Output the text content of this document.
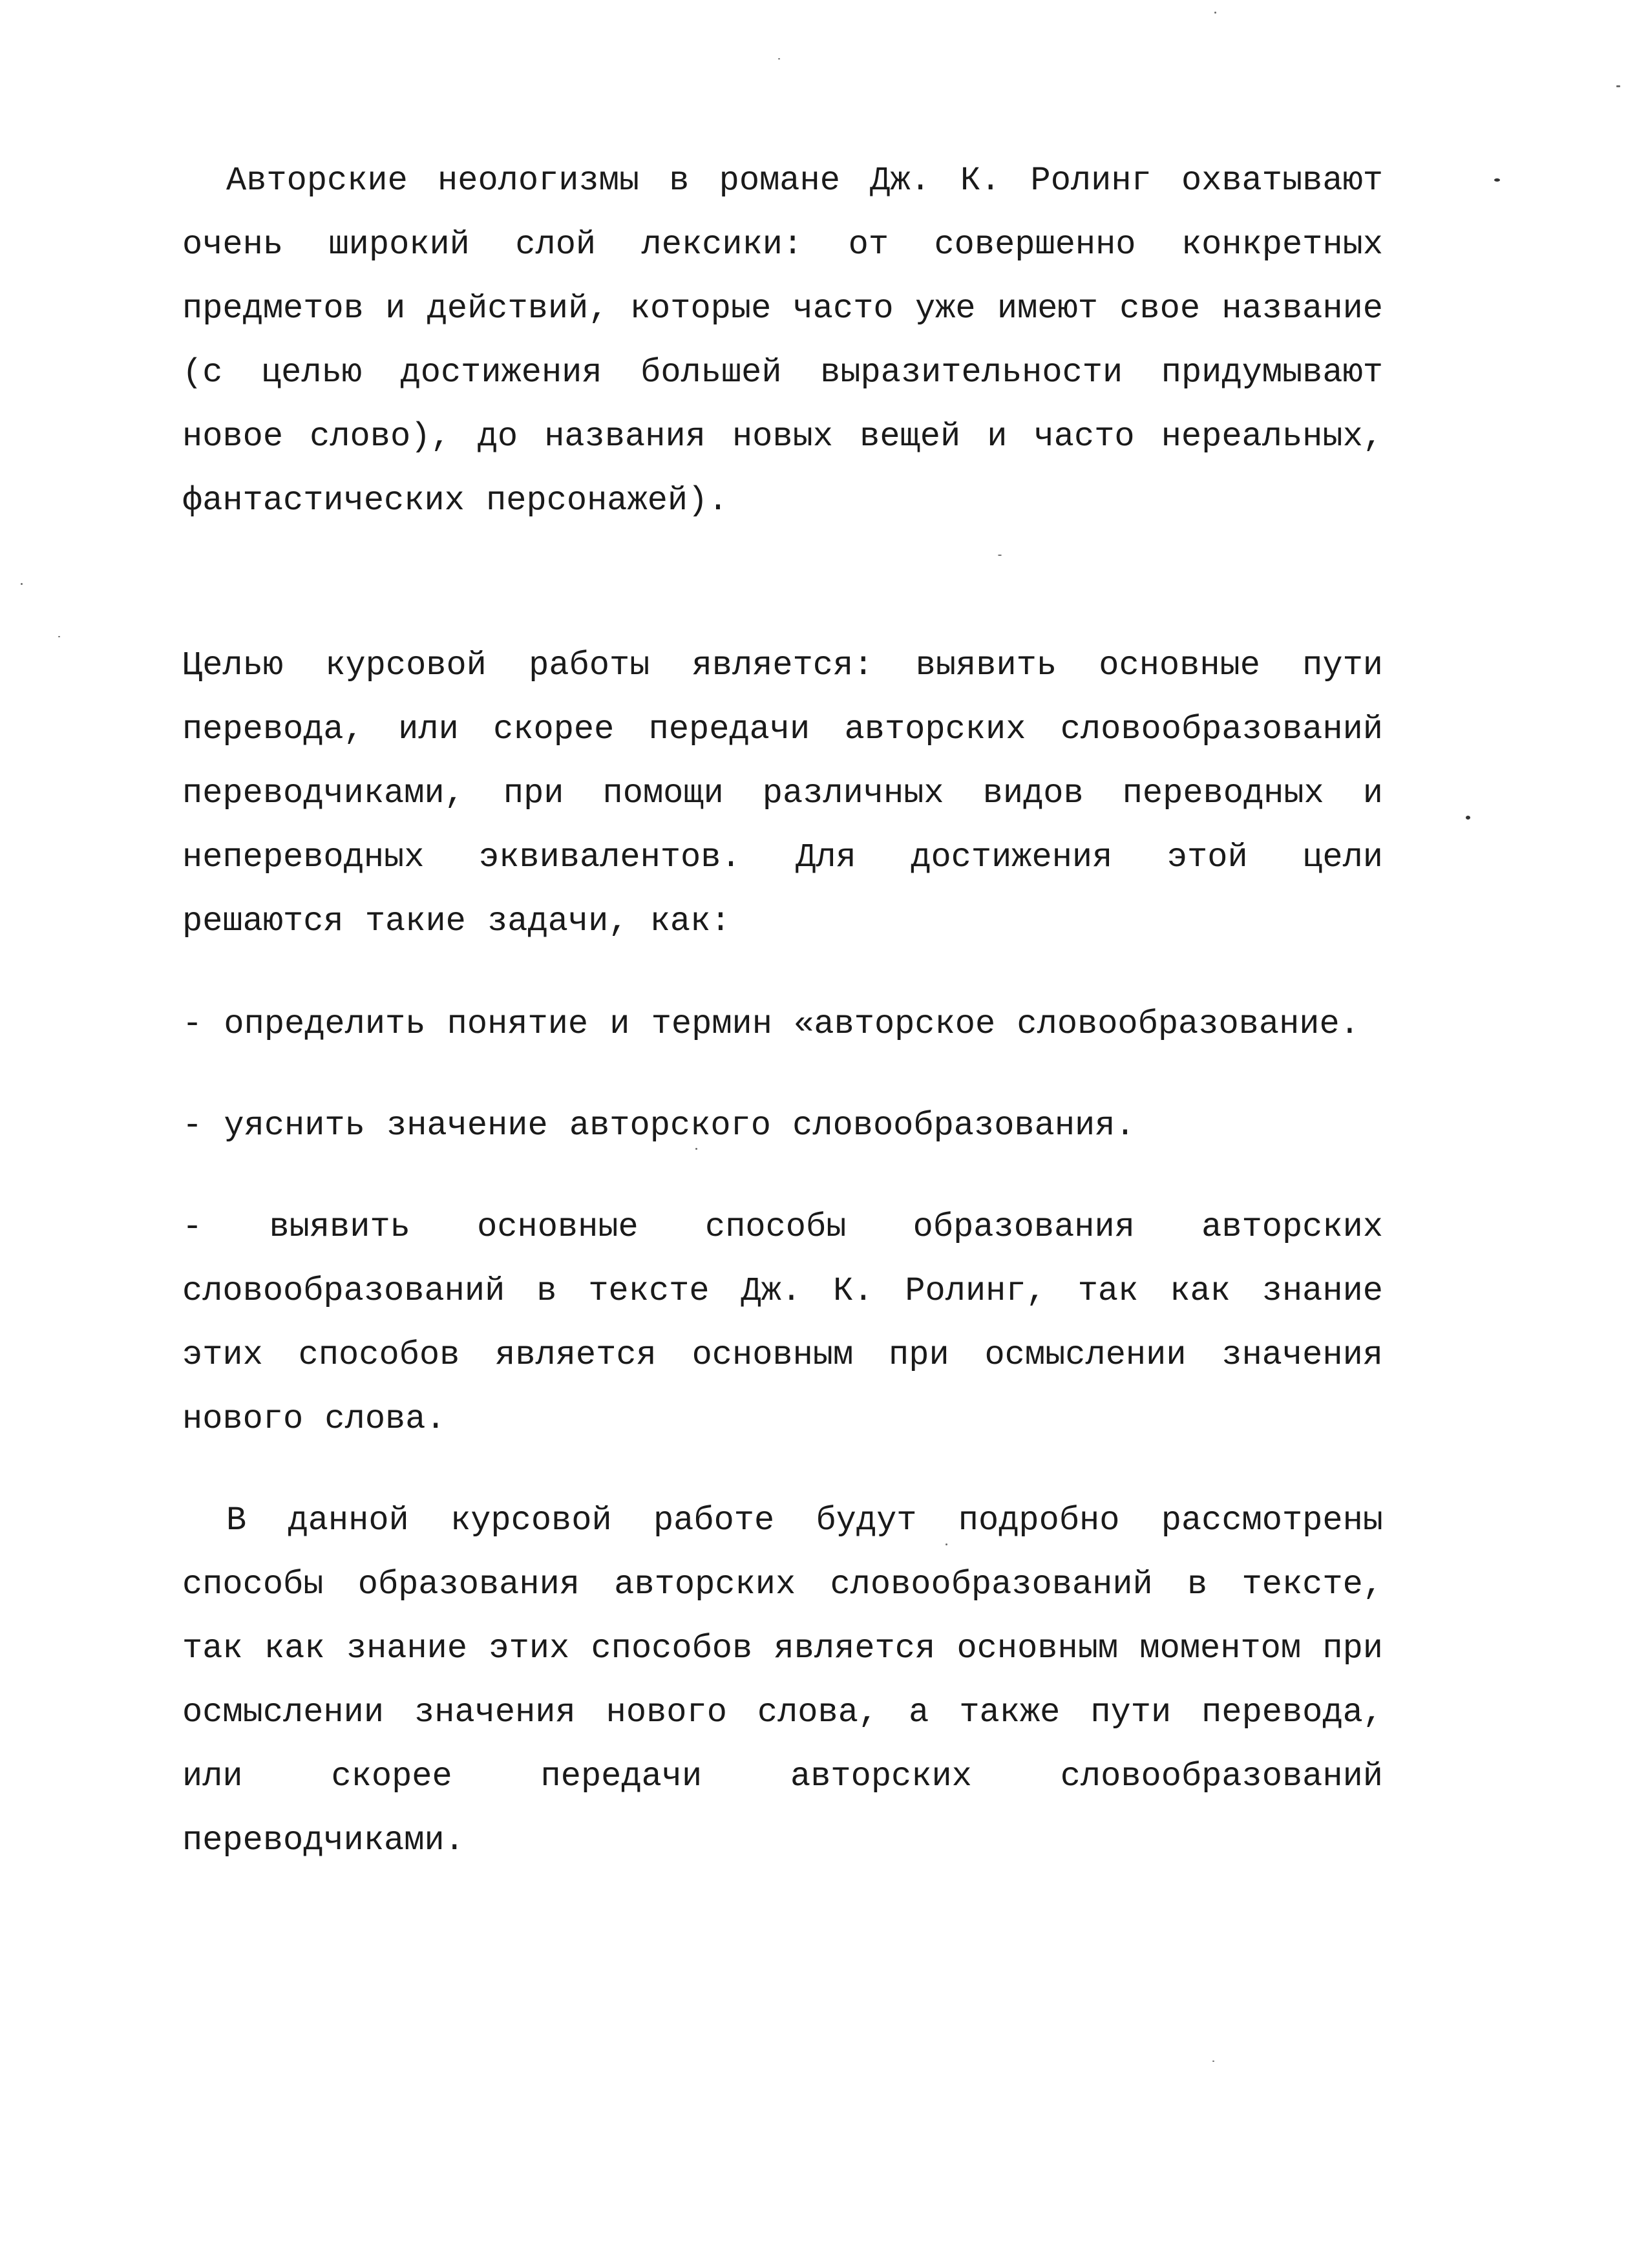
Авторские неологизмы в романе Дж. К. Ролинг охватывают очень широкий слой лексики: от совершенно конкретных предметов и действий, которые часто уже имеют свое название (с целью достижения большей выразительности придумывают новое слово), до названия новых вещей и часто нереальных, фантастических персонажей).

Целью курсовой работы является: выявить основные пути перевода, или скорее передачи авторских словообразований переводчиками, при помощи различных видов переводных и непереводных эквивалентов. Для достижения этой цели решаются такие задачи, как:

- определить понятие и термин «авторское словообразование.

- уяснить значение авторского словообразования.

- выявить основные способы образования авторских словообразований в тексте Дж. К. Ролинг, так как знание этих способов является основным при осмыслении значения нового слова.

В данной курсовой работе будут подробно рассмотрены способы образования авторских словообразований в тексте, так как знание этих способов является основным моментом при осмыслении значения нового слова, а также пути перевода, или скорее передачи авторских словообразований переводчиками.
